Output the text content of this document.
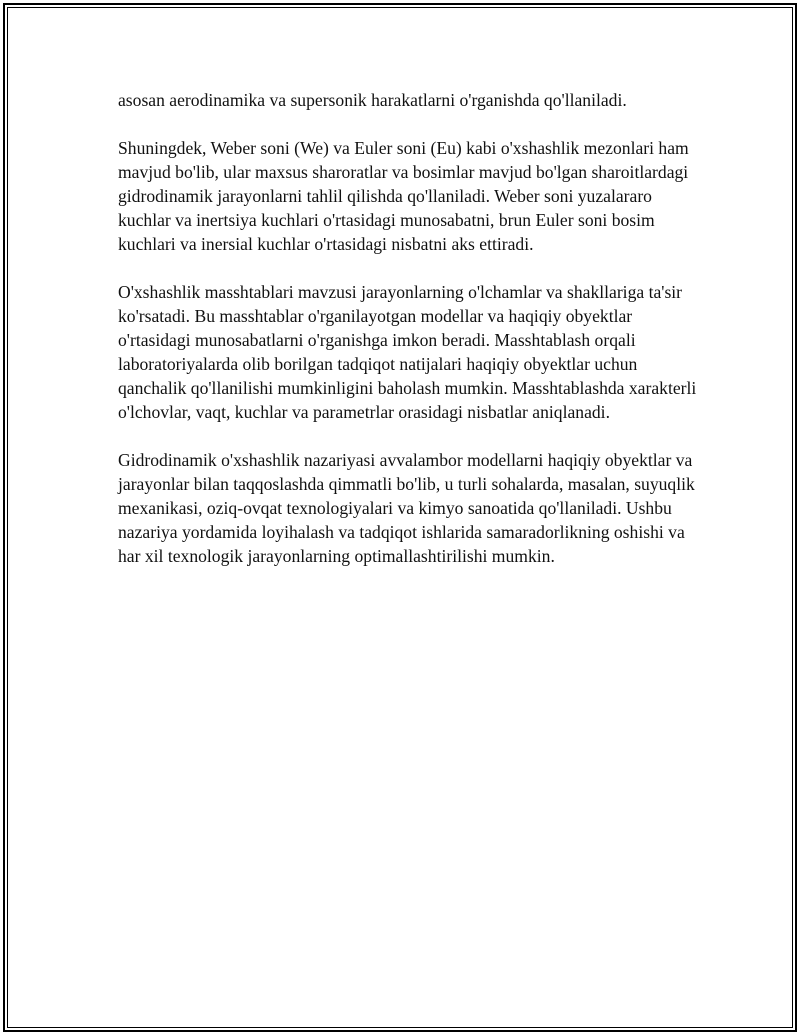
asosan aerodinamika va supersonik harakatlarni o'rganishda qo'llaniladi.

Shuningdek, Weber soni (We) va Euler soni (Eu) kabi o'xshashlik mezonlari ham mavjud bo'lib, ular maxsus sharoratlar va bosimlar mavjud bo'lgan sharoitlardagi gidrodinamik jarayonlarni tahlil qilishda qo'llaniladi. Weber soni yuzalararo kuchlar va inertsiya kuchlari o'rtasidagi munosabatni, brun Euler soni bosim kuchlari va inersial kuchlar o'rtasidagi nisbatni aks ettiradi.

O'xshashlik masshtablari mavzusi jarayonlarning o'lchamlar va shakllariga ta'sir ko'rsatadi. Bu masshtablar o'rganilayotgan modellar va haqiqiy obyektlar o'rtasidagi munosabatlarni o'rganishga imkon beradi. Masshtablash orqali laboratoriyalarda olib borilgan tadqiqot natijalari haqiqiy obyektlar uchun qanchalik qo'llanilishi mumkinligini baholash mumkin. Masshtablashda xarakterli o'lchovlar, vaqt, kuchlar va parametrlar orasidagi nisbatlar aniqlanadi.

Gidrodinamik o'xshashlik nazariyasi avvalambor modellarni haqiqiy obyektlar va jarayonlar bilan taqqoslashda qimmatli bo'lib, u turli sohalarda, masalan, suyuqlik mexanikasi, oziq-ovqat texnologiyalari va kimyo sanoatida qo'llaniladi. Ushbu nazariya yordamida loyihalash va tadqiqot ishlarida samaradorlikning oshishi va har xil texnologik jarayonlarning optimallashtirilishi mumkin.
